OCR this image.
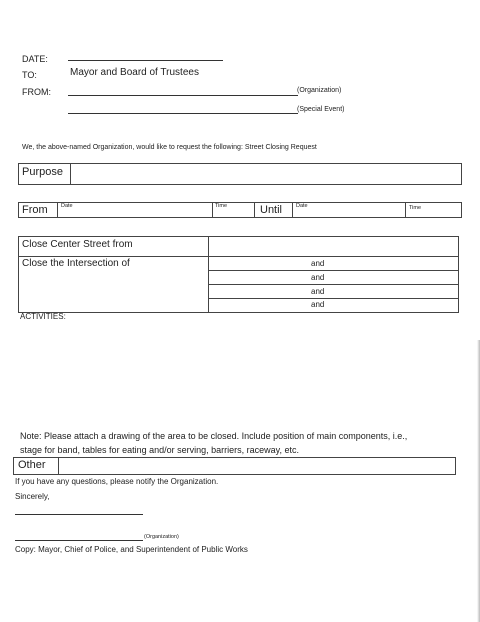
DATE:
TO:	Mayor and Board of Trustees
FROM:	(Organization)
(Special Event)
We, the above-named Organization, would like to request the following: Street Closing Request
Purpose
From Date	Time	Until	Date	Time
Close Center Street from
Close the Intersection of	and
and
and
and
ACTIVITIES:
Note: Please attach a drawing of the area to be closed. Include position of main components, i.e.,
stage for band, tables for eating and/or serving, barriers, raceway, etc.
Other
If you have any questions, please notify the Organization.
Sincerely,
(Organization)
Copy: Mayor, Chief of Police, and Superintendent of Public Works
